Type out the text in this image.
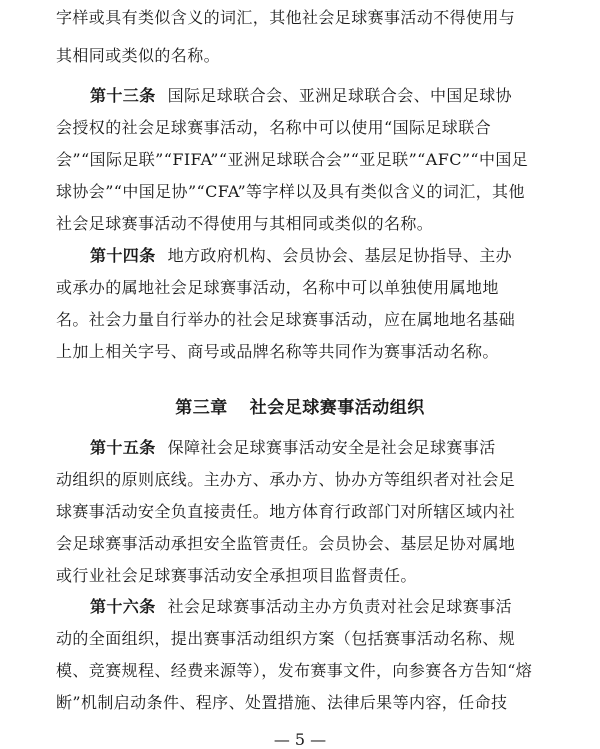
字样或具有类似含义的词汇，其他社会足球赛事活动不得使用与
其相同或类似的名称。
第十三条 国际足球联合会、亚洲足球联合会、中国足球协
会授权的社会足球赛事活动，名称中可以使用“国际足球联合
会”“国际足联”“FIFA”“亚洲足球联合会”“亚足联”“AFC”“中国足
球协会”“中国足协”“CFA”等字样以及具有类似含义的词汇，其他
社会足球赛事活动不得使用与其相同或类似的名称。
第十四条 地方政府机构、会员协会、基层足协指导、主办
或承办的属地社会足球赛事活动，名称中可以单独使用属地地
名。社会力量自行举办的社会足球赛事活动，应在属地地名基础
上加上相关字号、商号或品牌名称等共同作为赛事活动名称。
第三章 社会足球赛事活动组织
第十五条 保障社会足球赛事活动安全是社会足球赛事活
动组织的原则底线。主办方、承办方、协办方等组织者对社会足
球赛事活动安全负直接责任。地方体育行政部门对所辖区域内社
会足球赛事活动承担安全监管责任。会员协会、基层足协对属地
或行业社会足球赛事活动安全承担项目监督责任。
第十六条 社会足球赛事活动主办方负责对社会足球赛事活
动的全面组织，提出赛事活动组织方案（包括赛事活动名称、规
模、竞赛规程、经费来源等），发布赛事文件，向参赛各方告知“熔
断”机制启动条件、程序、处置措施、法律后果等内容，任命技
— 5 —
